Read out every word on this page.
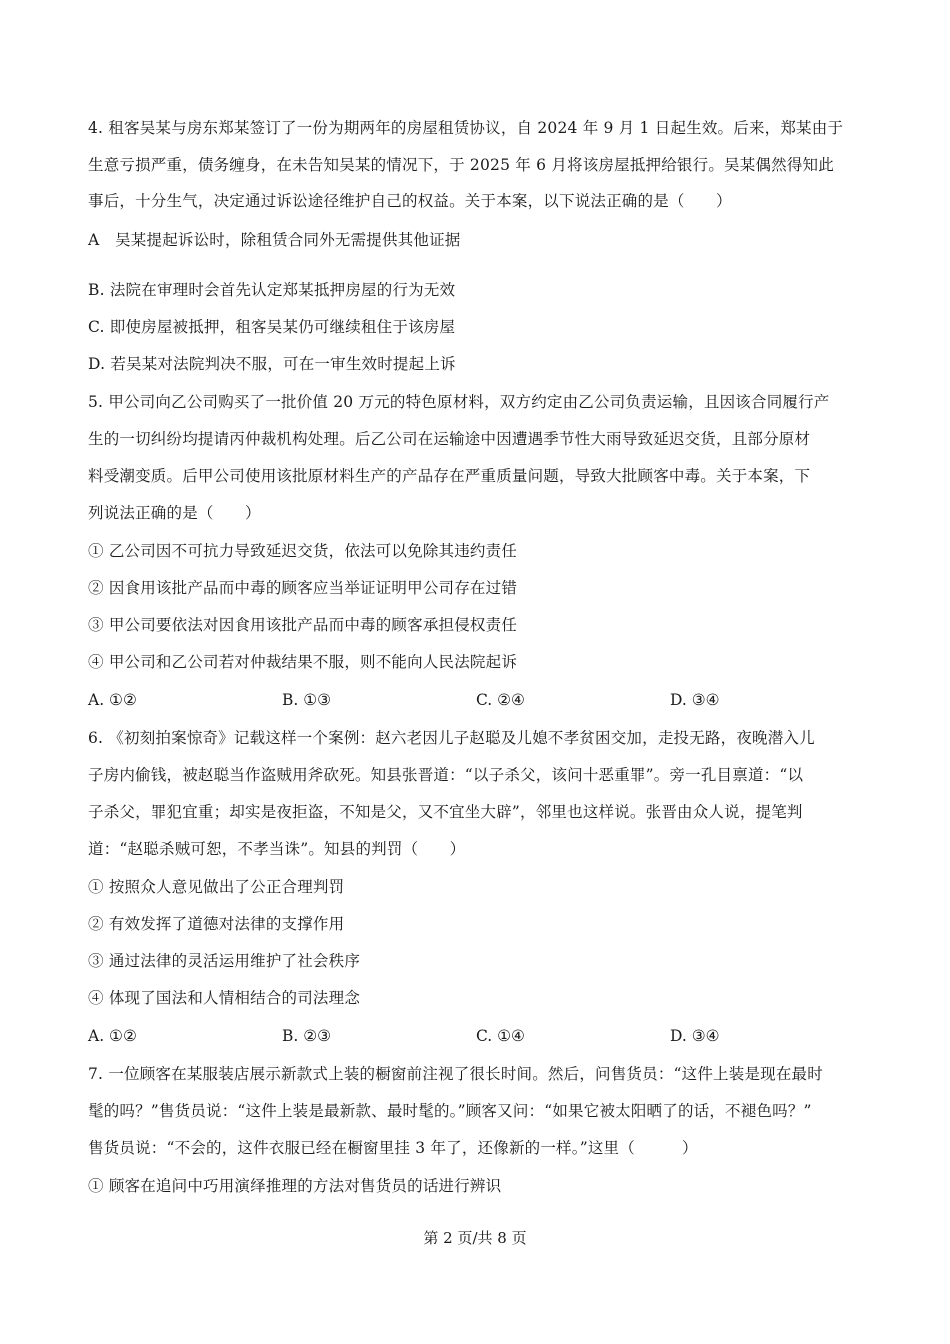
4. 租客吴某与房东郑某签订了一份为期两年的房屋租赁协议，自 2024 年 9 月 1 日起生效。后来，郑某由于
生意亏损严重，债务缠身，在未告知吴某的情况下，于 2025 年 6 月将该房屋抵押给银行。吴某偶然得知此
事后，十分生气，决定通过诉讼途径维护自己的权益。关于本案，以下说法正确的是（　　）
A　吴某提起诉讼时，除租赁合同外无需提供其他证据
B. 法院在审理时会首先认定郑某抵押房屋的行为无效
C. 即使房屋被抵押，租客吴某仍可继续租住于该房屋
D. 若吴某对法院判决不服，可在一审生效时提起上诉
5. 甲公司向乙公司购买了一批价值 20 万元的特色原材料，双方约定由乙公司负责运输，且因该合同履行产
生的一切纠纷均提请丙仲裁机构处理。后乙公司在运输途中因遭遇季节性大雨导致延迟交货，且部分原材
料受潮变质。后甲公司使用该批原材料生产的产品存在严重质量问题，导致大批顾客中毒。关于本案，下
列说法正确的是（　　）
① 乙公司因不可抗力导致延迟交货，依法可以免除其违约责任
② 因食用该批产品而中毒的顾客应当举证证明甲公司存在过错
③ 甲公司要依法对因食用该批产品而中毒的顾客承担侵权责任
④ 甲公司和乙公司若对仲裁结果不服，则不能向人民法院起诉
A. ①②	B. ①③	C. ②④	D. ③④
6. 《初刻拍案惊奇》记载这样一个案例：赵六老因儿子赵聪及儿媳不孝贫困交加，走投无路，夜晚潜入儿
子房内偷钱，被赵聪当作盗贼用斧砍死。知县张晋道：“以子杀父，该问十恶重罪”。旁一孔目禀道：“以
子杀父，罪犯宜重；却实是夜拒盗，不知是父，又不宜坐大辟”，邻里也这样说。张晋由众人说，提笔判
道：“赵聪杀贼可恕，不孝当诛”。知县的判罚（　　）
① 按照众人意见做出了公正合理判罚
② 有效发挥了道德对法律的支撑作用
③ 通过法律的灵活运用维护了社会秩序
④ 体现了国法和人情相结合的司法理念
A. ①②	B. ②③	C. ①④	D. ③④
7. 一位顾客在某服装店展示新款式上装的橱窗前注视了很长时间。然后，问售货员：“这件上装是现在最时
髦的吗？”售货员说：“这件上装是最新款、最时髦的。”顾客又问：“如果它被太阳晒了的话，不褪色吗？”
售货员说：“不会的，这件衣服已经在橱窗里挂 3 年了，还像新的一样。”这里（　　　）
① 顾客在追问中巧用演绎推理的方法对售货员的话进行辨识
第 2 页/共 8 页
